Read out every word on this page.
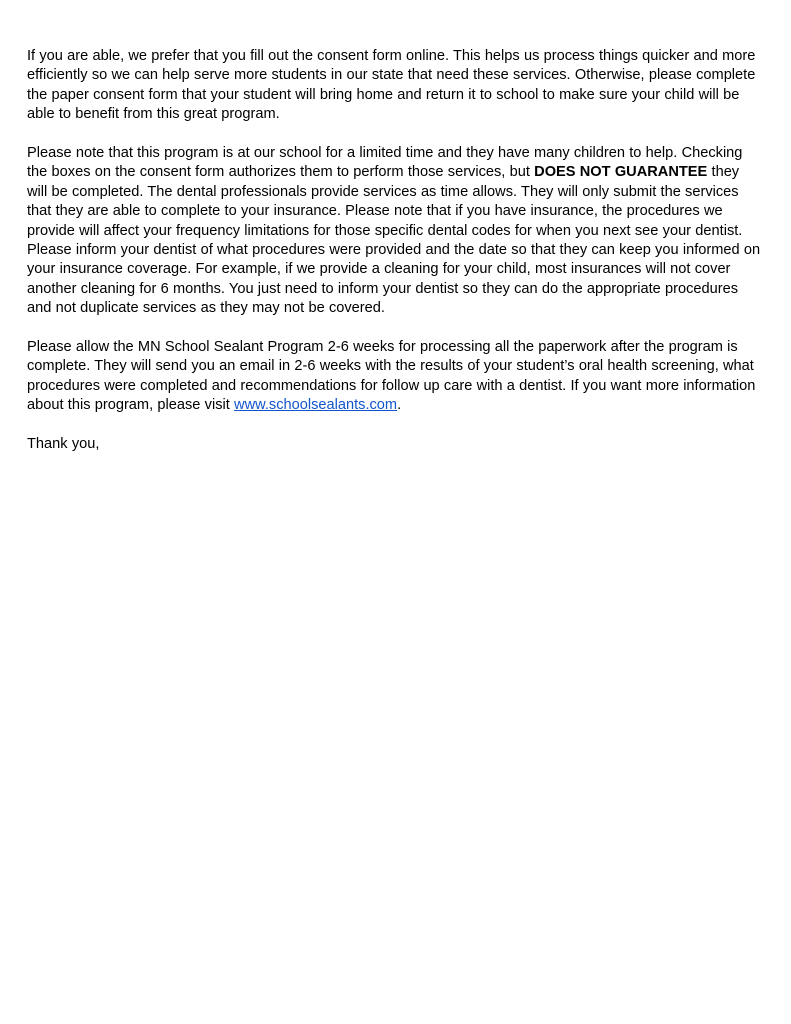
If you are able, we prefer that you fill out the consent form online. This helps us process things quicker and more efficiently so we can help serve more students in our state that need these services. Otherwise, please complete the paper consent form that your student will bring home and return it to school to make sure your child will be able to benefit from this great program.

Please note that this program is at our school for a limited time and they have many children to help. Checking the boxes on the consent form authorizes them to perform those services, but DOES NOT GUARANTEE they will be completed. The dental professionals provide services as time allows. They will only submit the services that they are able to complete to your insurance. Please note that if you have insurance, the procedures we provide will affect your frequency limitations for those specific dental codes for when you next see your dentist. Please inform your dentist of what procedures were provided and the date so that they can keep you informed on your insurance coverage. For example, if we provide a cleaning for your child, most insurances will not cover another cleaning for 6 months. You just need to inform your dentist so they can do the appropriate procedures and not duplicate services as they may not be covered.

Please allow the MN School Sealant Program 2-6 weeks for processing all the paperwork after the program is complete. They will send you an email in 2-6 weeks with the results of your student’s oral health screening, what procedures were completed and recommendations for follow up care with a dentist. If you want more information about this program, please visit www.schoolsealants.com.

Thank you,
